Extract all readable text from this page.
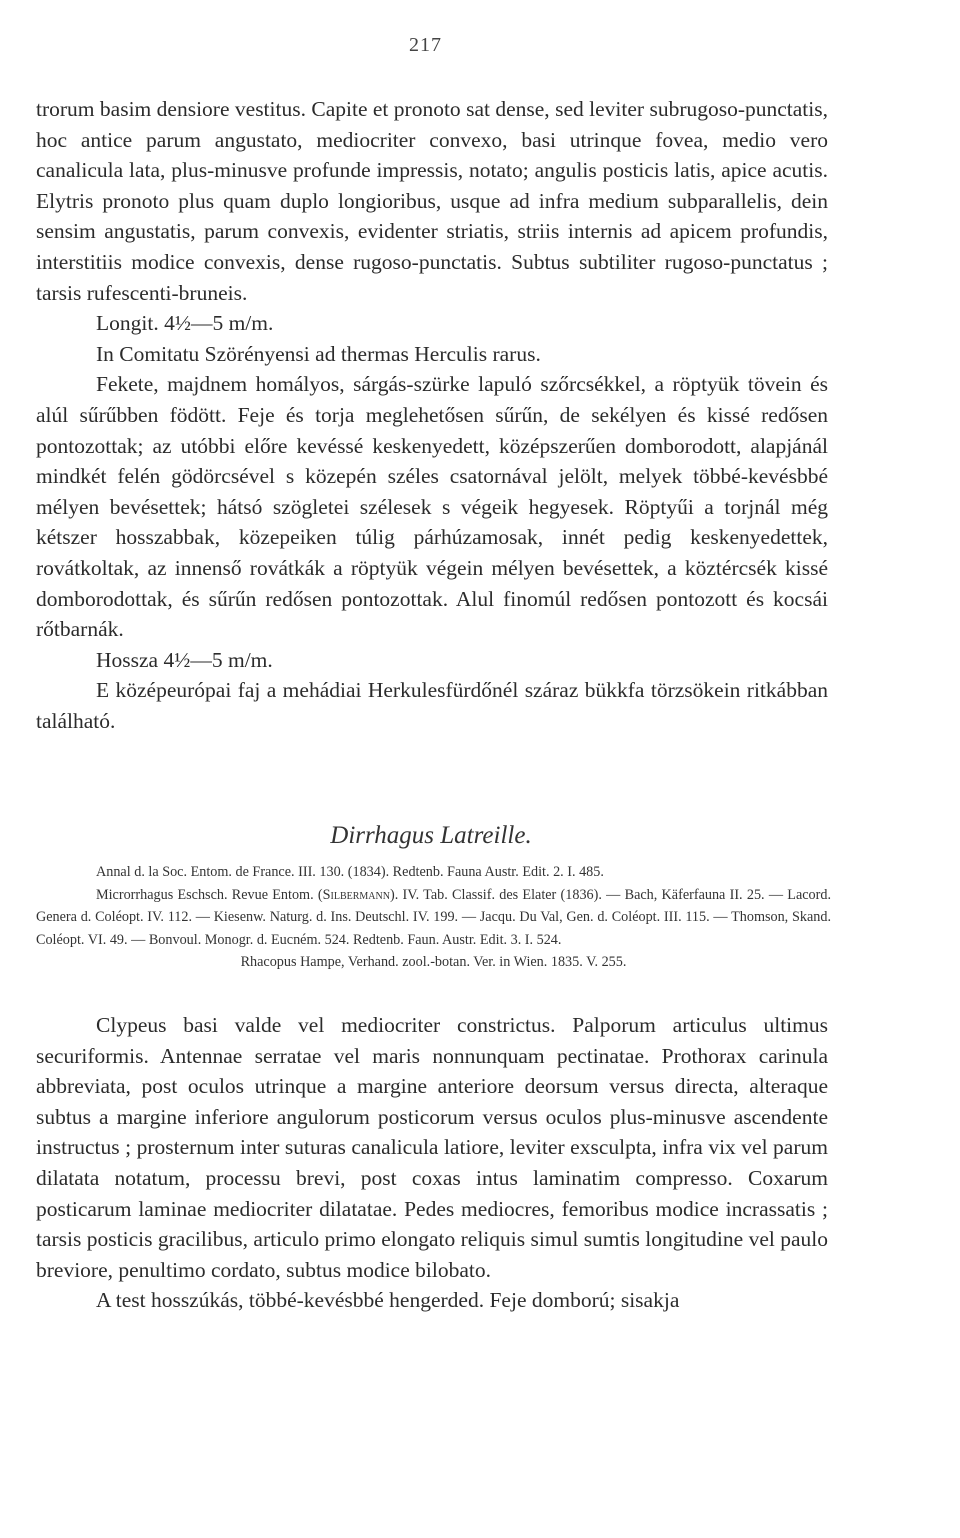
217

trorum basim densiore vestitus. Capite et pronoto sat dense, sed leviter subrugoso-punctatis, hoc antice parum angustato, mediocriter convexo, basi utrinque fovea, medio vero canalicula lata, plus-minusve profunde impressis, notato; angulis posticis latis, apice acutis. Elytris pronoto plus quam duplo longioribus, usque ad infra medium subparallelis, dein sensim angustatis, parum convexis, evidenter striatis, striis internis ad apicem profundis, interstitiis modice convexis, dense rugoso-punctatis. Subtus subtiliter rugoso-punctatus ; tarsis rufescenti-bruneis.

Longit. 4½—5 m/m.

In Comitatu Szörényensi ad thermas Herculis rarus.

Fekete, majdnem homályos, sárgás-szürke lapuló szőrcsékkel, a röptyük tövein és alúl sűrűbben födött. Feje és torja meglehetősen sűrűn, de sekélyen és kissé redősen pontozottak; az utóbbi előre kevéssé keskenyedett, középszerűen domborodott, alapjánál mindkét felén gödörcsével s közepén széles csatornával jelölt, melyek többé-kevésbbé mélyen bevésettek; hátsó szögletei szélesek s végeik hegyesek. Röptyűi a torjnál még kétszer hosszabbak, közepeiken túlig párhúzamosak, innét pedig keskenyedettek, rovátkoltak, az innenső rovátkák a röptyük végein mélyen bevésettek, a köztércsék kissé domborodottak, és sűrűn redősen pontozottak. Alul finomúl redősen pontozott és kocsái rőtbarnák.

Hossza 4½—5 m/m.

E középeurópai faj a mehádiai Herkulesfürdőnél száraz bükkfa törzsökein ritkábban található.

Dirrhagus Latreille.
Annal d. la Soc. Entom. de France. III. 130. (1834). Redtenb. Fauna Austr. Edit. 2. I. 485.
Microrrhagus Eschsch. Revue Entom. (Silbermann). IV. Tab. Classif. des Elater (1836). — Bach, Käferfauna II. 25. — Lacord. Genera d. Coléopt. IV. 112. — Kiesenw. Naturg. d. Ins. Deutschl. IV. 199. — Jacqu. Du Val, Gen. d. Coléopt. III. 115. — Thomson, Skand. Coléopt. VI. 49. — Bonvoul. Monogr. d. Eucném. 524. Redtenb. Faun. Austr. Edit. 3. I. 524.
Rhacopus Hampe, Verhand. zool.-botan. Ver. in Wien. 1835. V. 255.

Clypeus basi valde vel mediocriter constrictus. Palporum articulus ultimus securiformis. Antennae serratae vel maris nonnunquam pectinatae. Prothorax carinula abbreviata, post oculos utrinque a margine anteriore deorsum versus directa, alteraque subtus a margine inferiore angulorum posticorum versus oculos plus-minusve ascendente instructus ; prosternum inter suturas canalicula latiore, leviter exsculpta, infra vix vel parum dilatata notatum, processu brevi, post coxas intus laminatim compresso. Coxarum posticarum laminae mediocriter dilatatae. Pedes mediocres, femoribus modice incrassatis ; tarsis posticis gracilibus, articulo primo elongato reliquis simul sumtis longitudine vel paulo breviore, penultimo cordato, subtus modice bilobato.

A test hosszúkás, többé-kevésbbé hengerded. Feje domború; sisakja
